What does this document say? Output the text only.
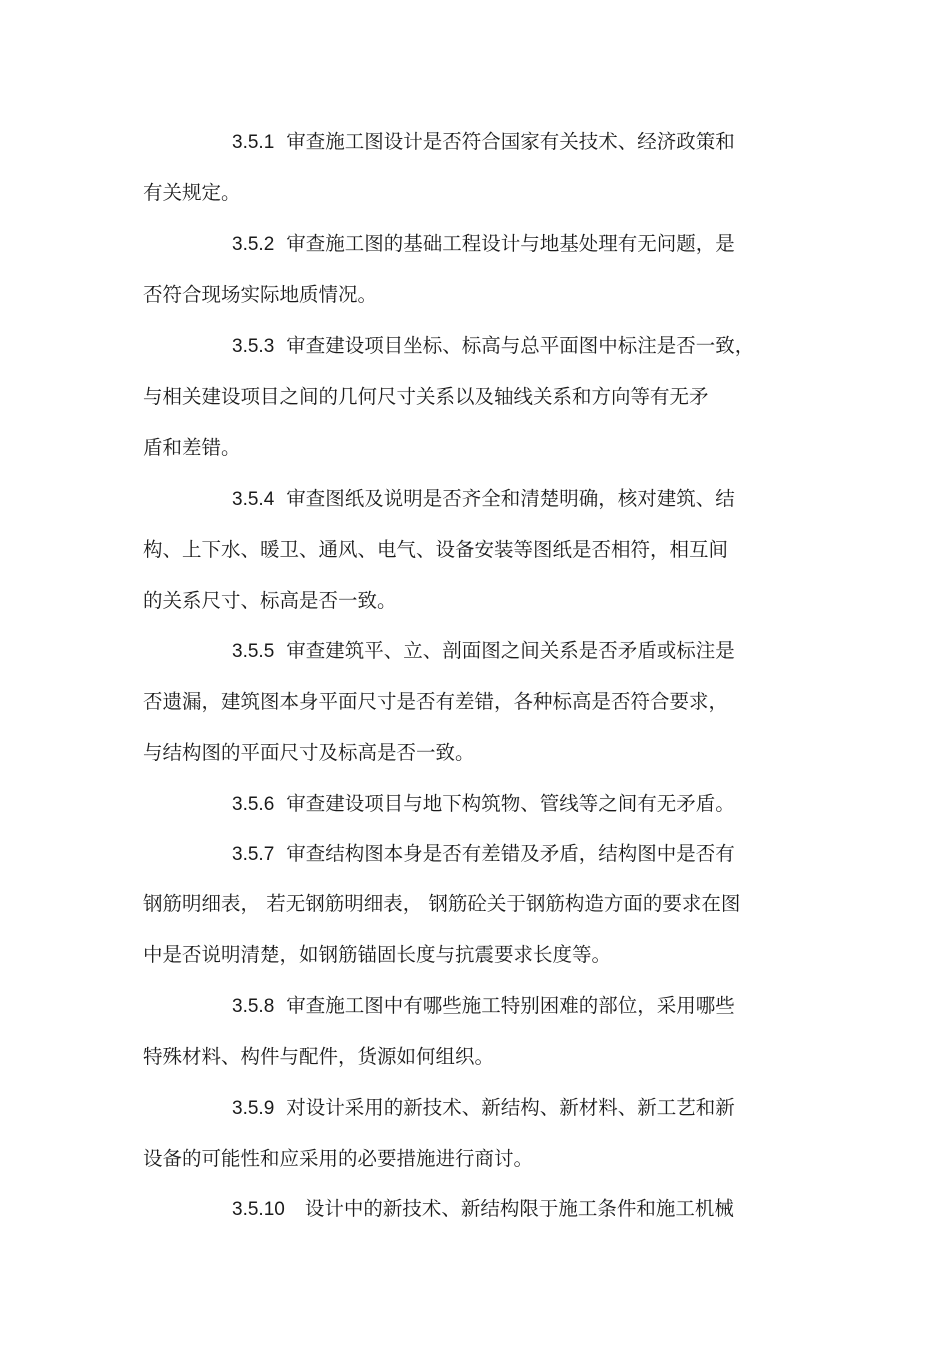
3.5.1 审查施工图设计是否符合国家有关技术、经济政策和
有关规定。
3.5.2 审查施工图的基础工程设计与地基处理有无问题，是
否符合现场实际地质情况。
3.5.3 审查建设项目坐标、标高与总平面图中标注是否一致，
与相关建设项目之间的几何尺寸关系以及轴线关系和方向等有无矛
盾和差错。
3.5.4 审查图纸及说明是否齐全和清楚明确，核对建筑、结
构、上下水、暖卫、通风、电气、设备安装等图纸是否相符，相互间
的关系尺寸、标高是否一致。
3.5.5 审查建筑平、立、剖面图之间关系是否矛盾或标注是
否遗漏，建筑图本身平面尺寸是否有差错，各种标高是否符合要求，
与结构图的平面尺寸及标高是否一致。
3.5.6 审查建设项目与地下构筑物、管线等之间有无矛盾。
3.5.7 审查结构图本身是否有差错及矛盾，结构图中是否有
钢筋明细表， 若无钢筋明细表， 钢筋砼关于钢筋构造方面的要求在图
中是否说明清楚，如钢筋锚固长度与抗震要求长度等。
3.5.8 审查施工图中有哪些施工特别困难的部位，采用哪些
特殊材料、构件与配件，货源如何组织。
3.5.9 对设计采用的新技术、新结构、新材料、新工艺和新
设备的可能性和应采用的必要措施进行商讨。
3.5.10 设计中的新技术、新结构限于施工条件和施工机械
